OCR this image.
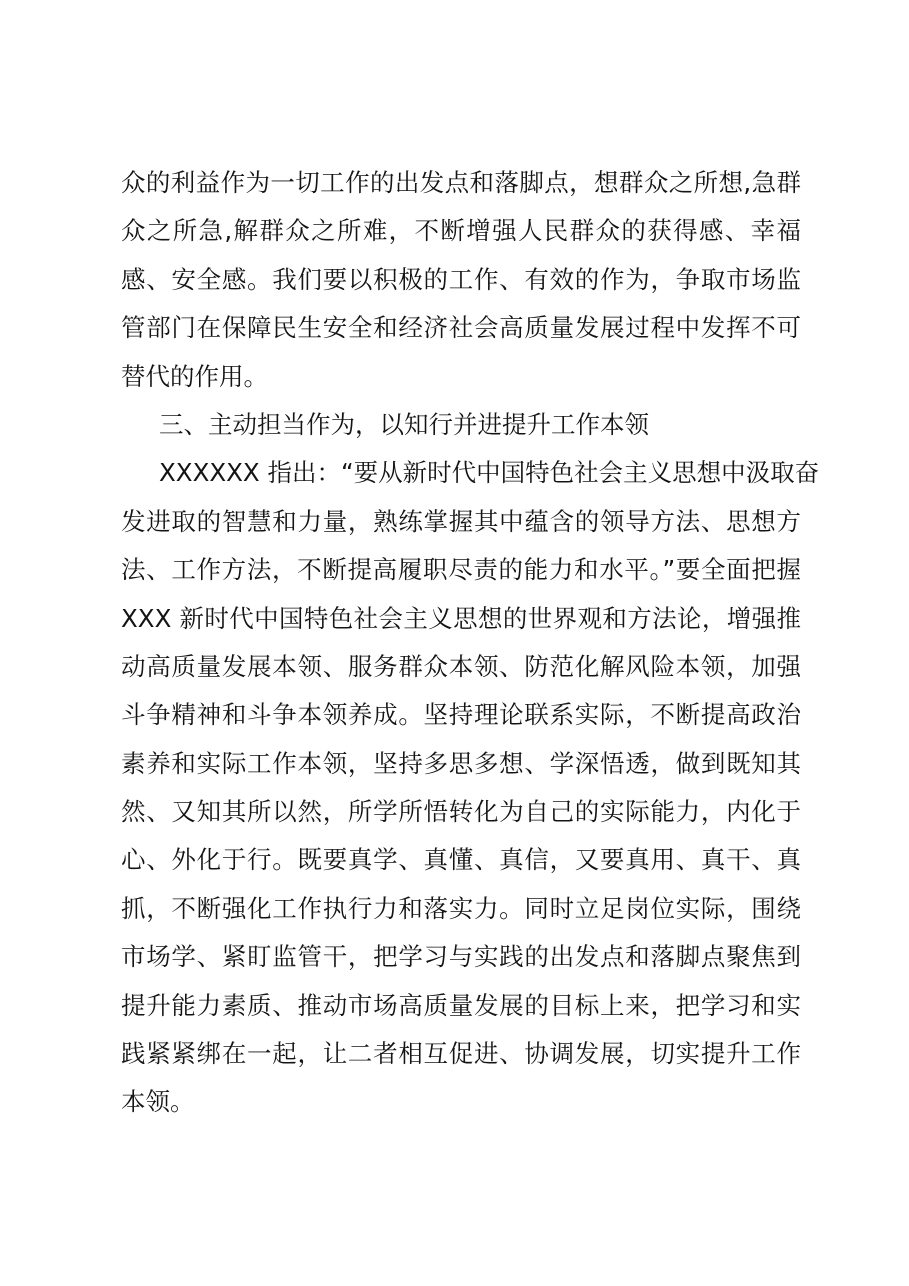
众的利益作为一切工作的出发点和落脚点，想群众之所想,急群
众之所急,解群众之所难，不断增强人民群众的获得感、幸福
感、安全感。我们要以积极的工作、有效的作为，争取市场监
管部门在保障民生安全和经济社会高质量发展过程中发挥不可
替代的作用。
三、主动担当作为，以知行并进提升工作本领
XXXXXX 指出：“要从新时代中国特色社会主义思想中汲取奋
发进取的智慧和力量，熟练掌握其中蕴含的领导方法、思想方
法、工作方法，不断提高履职尽责的能力和水平。”要全面把握
XXX 新时代中国特色社会主义思想的世界观和方法论，增强推
动高质量发展本领、服务群众本领、防范化解风险本领，加强
斗争精神和斗争本领养成。坚持理论联系实际，不断提高政治
素养和实际工作本领，坚持多思多想、学深悟透，做到既知其
然、又知其所以然，所学所悟转化为自己的实际能力，内化于
心、外化于行。既要真学、真懂、真信，又要真用、真干、真
抓，不断强化工作执行力和落实力。同时立足岗位实际，围绕
市场学、紧盯监管干，把学习与实践的出发点和落脚点聚焦到
提升能力素质、推动市场高质量发展的目标上来，把学习和实
践紧紧绑在一起，让二者相互促进、协调发展，切实提升工作
本领。
